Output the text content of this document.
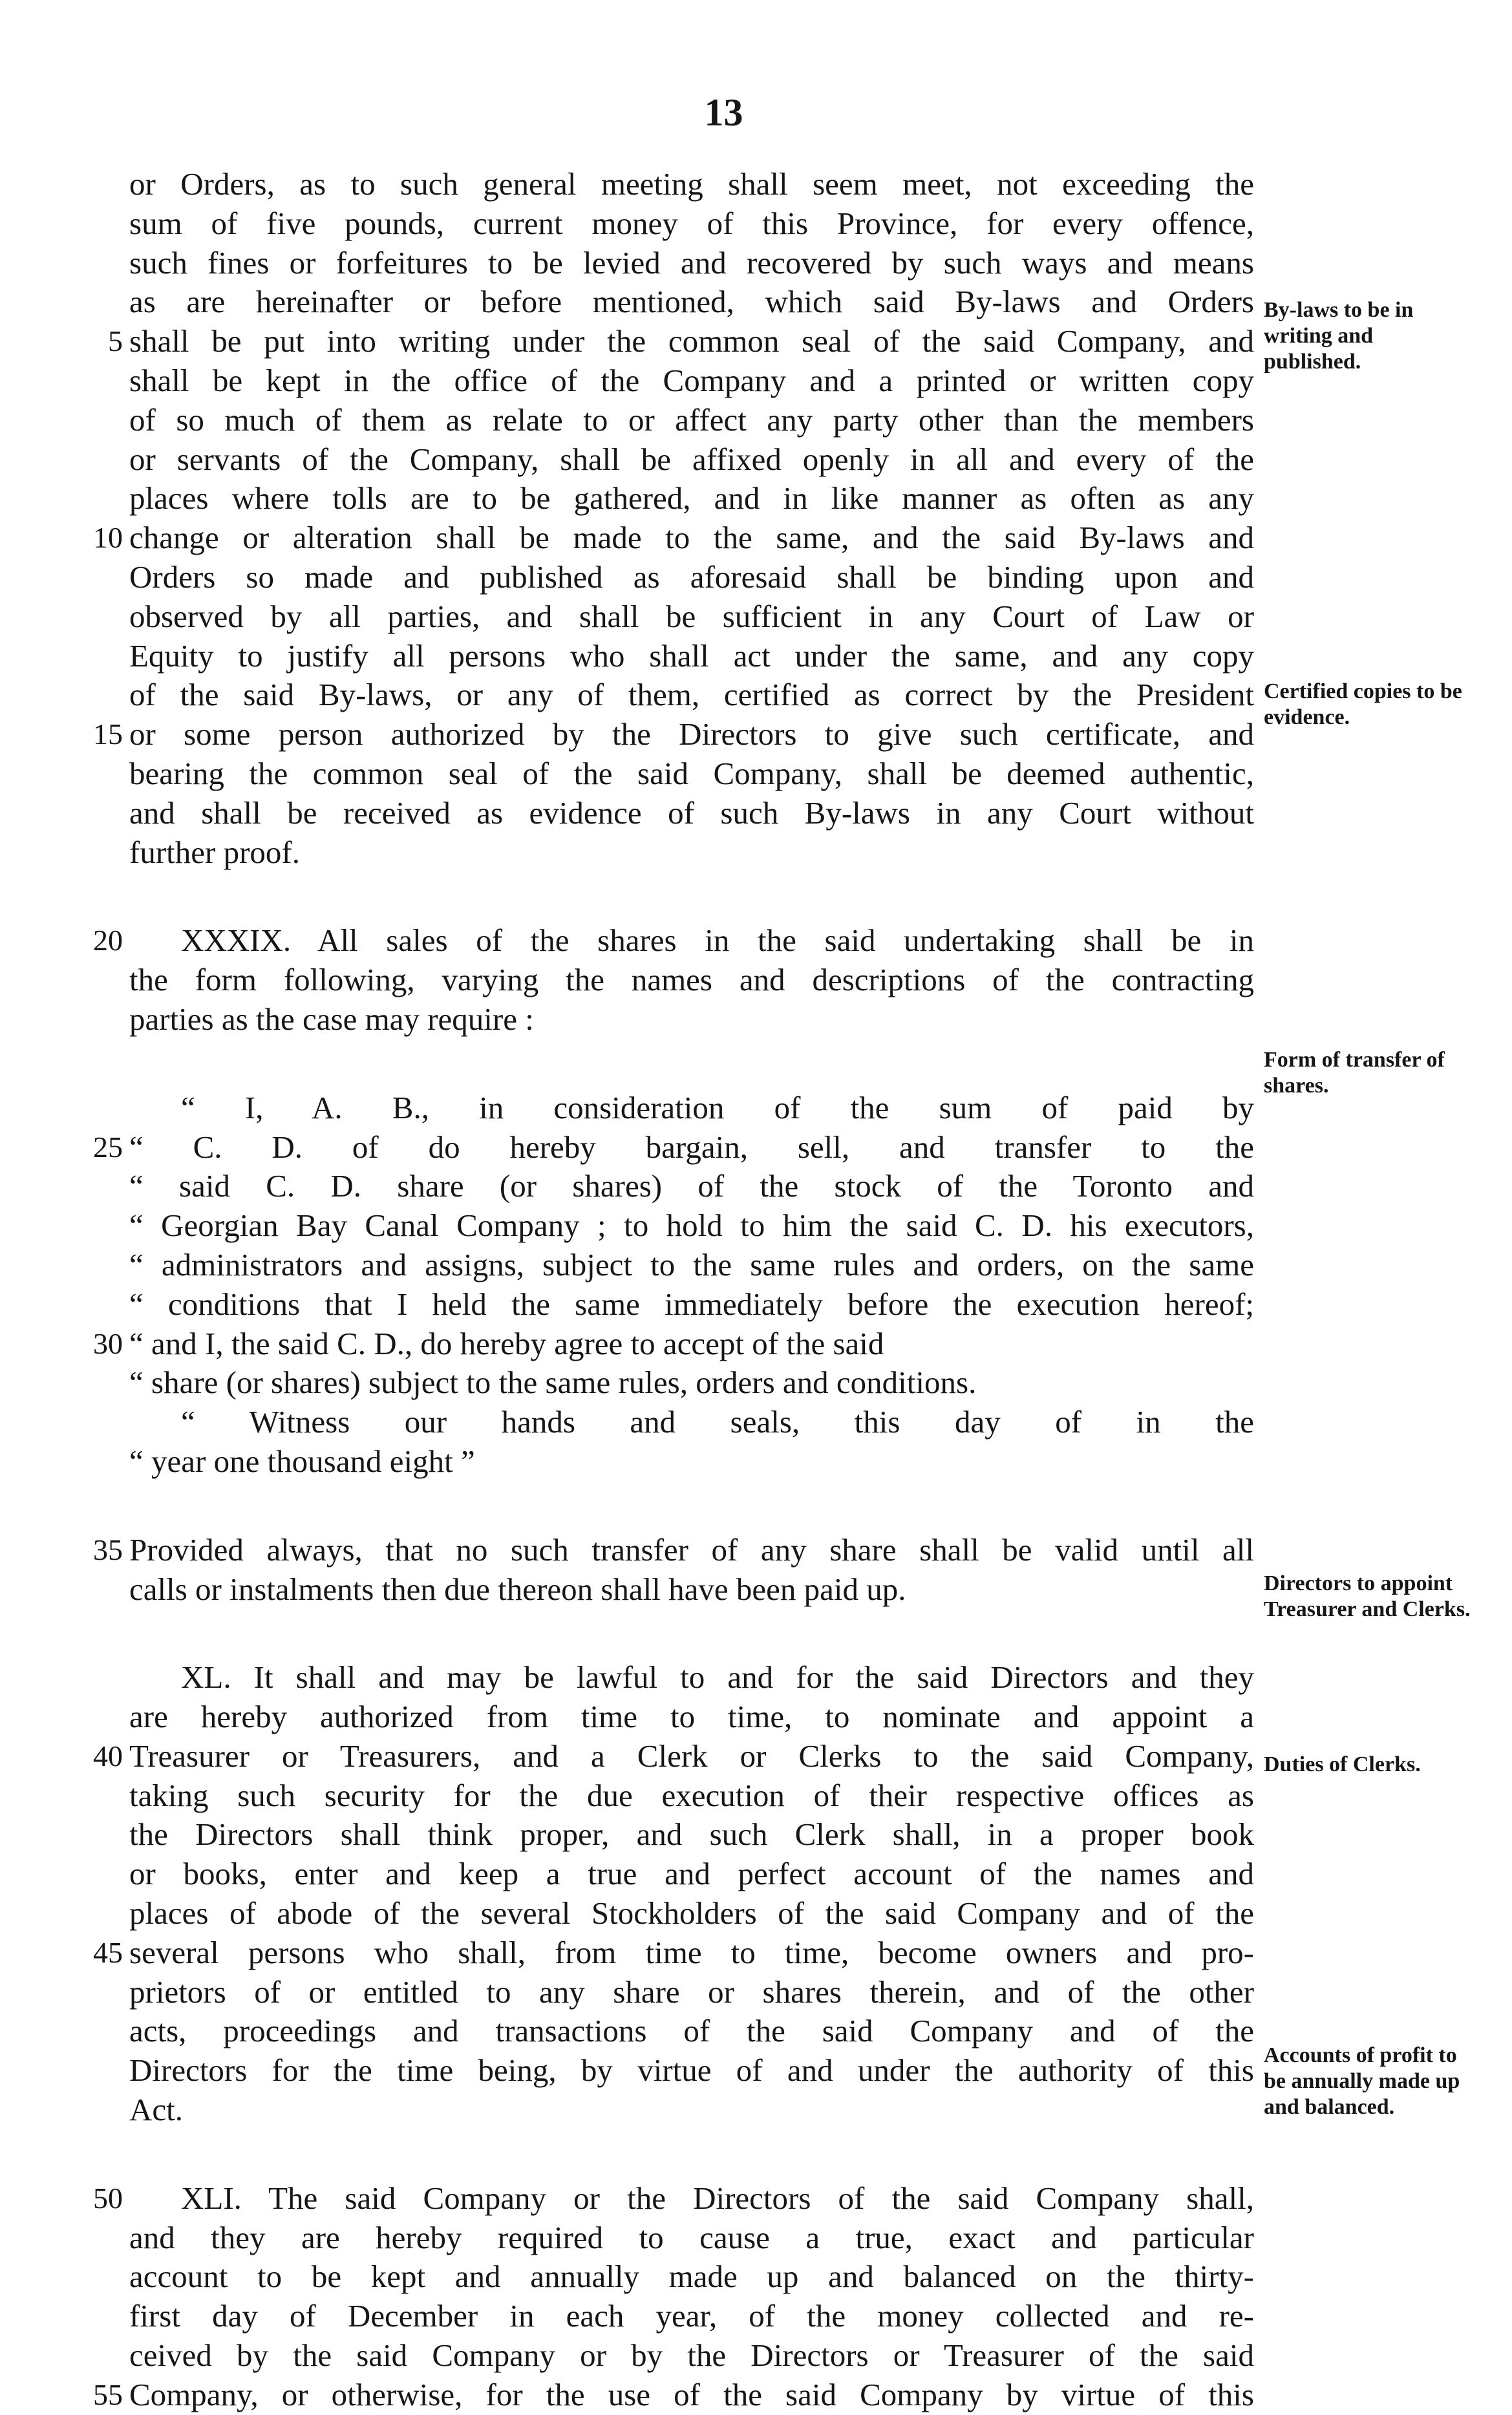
13
or Orders, as to such general meeting shall seem meet, not exceeding the
sum of five pounds, current money of this Province, for every offence,
such fines or forfeitures to be levied and recovered by such ways and means
as are hereinafter or before mentioned, which said By-laws and Orders
5 shall be put into writing under the common seal of the said Company, and
shall be kept in the office of the Company and a printed or written copy
of so much of them as relate to or affect any party other than the members
or servants of the Company, shall be affixed openly in all and every of the
places where tolls are to be gathered, and in like manner as often as any
10 change or alteration shall be made to the same, and the said By-laws and
Orders so made and published as aforesaid shall be binding upon and
observed by all parties, and shall be sufficient in any Court of Law or
Equity to justify all persons who shall act under the same, and any copy
of the said By-laws, or any of them, certified as correct by the President
15 or some person authorized by the Directors to give such certificate, and
bearing the common seal of the said Company, shall be deemed authentic,
and shall be received as evidence of such By-laws in any Court without
further proof.
20	XXXIX. All sales of the shares in the said undertaking shall be in
the form following, varying the names and descriptions of the contracting
parties as the case may require :
“ I, A. B., in consideration of the sum of paid by
25 “ C. D. of do hereby bargain, sell, and transfer to the
“ said C. D. share (or shares) of the stock of the Toronto and
“ Georgian Bay Canal Company ; to hold to him the said C. D. his executors,
“ administrators and assigns, subject to the same rules and orders, on the same
“ conditions that I held the same immediately before the execution hereof;
30 “ and I, the said C. D., do hereby agree to accept of the said
“ share (or shares) subject to the same rules, orders and conditions.
“ Witness our hands and seals, this day of in the
“ year one thousand eight ”
35 Provided always, that no such transfer of any share shall be valid until all
calls or instalments then due thereon shall have been paid up.
XL. It shall and may be lawful to and for the said Directors and they
are hereby authorized from time to time, to nominate and appoint a
40 Treasurer or Treasurers, and a Clerk or Clerks to the said Company,
taking such security for the due execution of their respective offices as
the Directors shall think proper, and such Clerk shall, in a proper book
or books, enter and keep a true and perfect account of the names and
places of abode of the several Stockholders of the said Company and of the
45 several persons who shall, from time to time, become owners and pro-
prietors of or entitled to any share or shares therein, and of the other
acts, proceedings and transactions of the said Company and of the
Directors for the time being, by virtue of and under the authority of this
Act.
50	XLI. The said Company or the Directors of the said Company shall,
and they are hereby required to cause a true, exact and particular
account to be kept and annually made up and balanced on the thirty-
first day of December in each year, of the money collected and re-
ceived by the said Company or by the Directors or Treasurer of the said
55 Company, or otherwise, for the use of the said Company by virtue of this
By-laws to be in writing and published.
Certified copies to be evidence.
Form of transfer of shares.
Directors to appoint Treasurer and Clerks.
Duties of Clerks.
Accounts of profit to be annually made up and balanced.
